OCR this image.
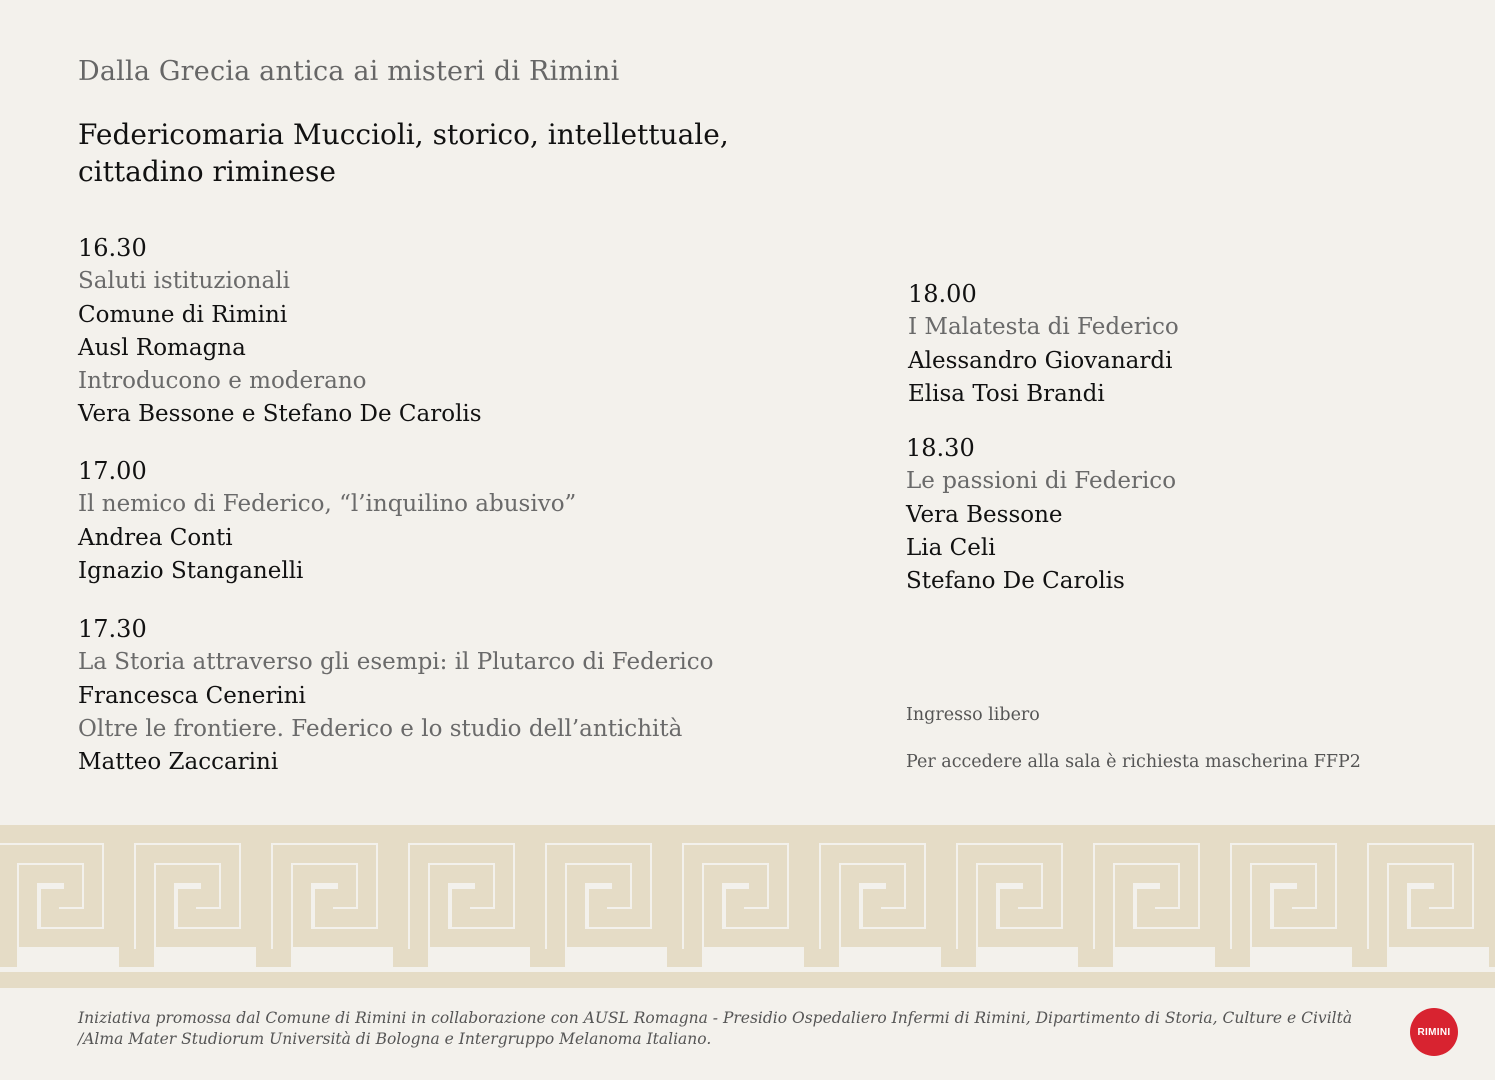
Dalla Grecia antica ai misteri di Rimini
Federicomaria Muccioli, storico, intellettuale, cittadino riminese
16.30
Saluti istituzionali
Comune di Rimini
Ausl Romagna
Introducono e moderano
Vera Bessone e Stefano De Carolis
17.00
Il nemico di Federico, “l’inquilino abusivo”
Andrea Conti
Ignazio Stanganelli
17.30
La Storia attraverso gli esempi: il Plutarco di Federico
Francesca Cenerini
Oltre le frontiere. Federico e lo studio dell’antichità
Matteo Zaccarini
18.00
I Malatesta di Federico
Alessandro Giovanardi
Elisa Tosi Brandi
18.30
Le passioni di Federico
Vera Bessone
Lia Celi
Stefano De Carolis
Ingresso libero
Per accedere alla sala è richiesta mascherina FFP2
Iniziativa promossa dal Comune di Rimini in collaborazione con AUSL Romagna - Presidio Ospedaliero Infermi di Rimini, Dipartimento di Storia, Culture e Civiltà /Alma Mater Studiorum Università di Bologna e Intergruppo Melanoma Italiano.	RIMINI
